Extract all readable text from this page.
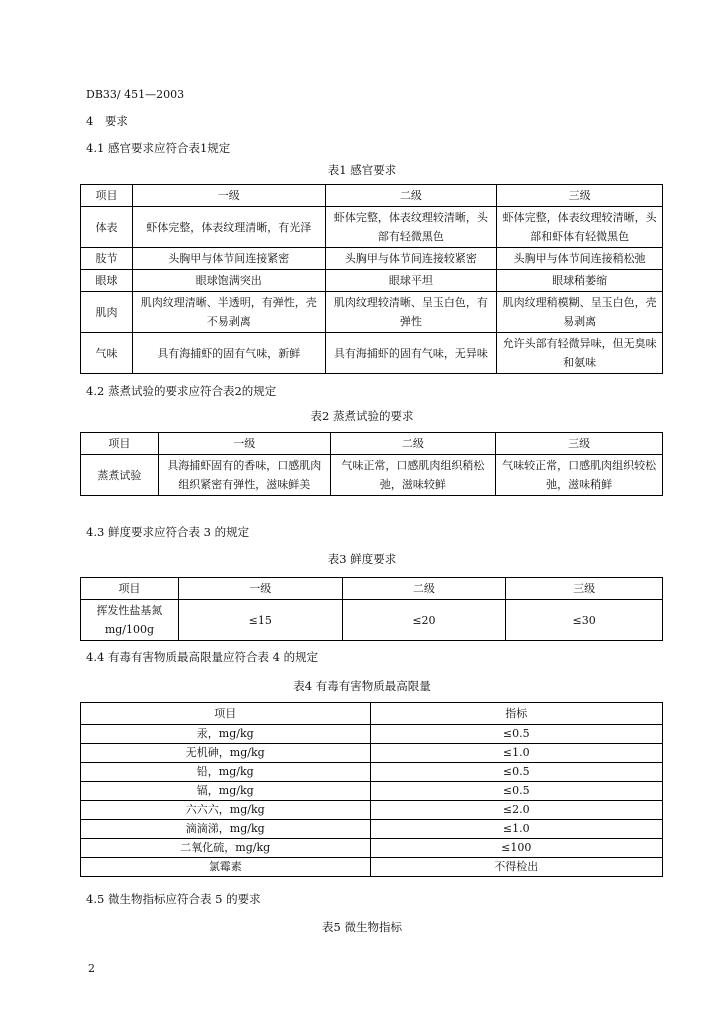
DB33/ 451—2003
4　要求
4.1 感官要求应符合表1规定
表1 感官要求
项目	一级	二级	三级
体表	虾体完整，体表纹理清晰，有光泽	虾体完整，体表纹理较清晰，头部有轻微黑色	虾体完整，体表纹理较清晰，头部和虾体有轻微黑色
肢节	头胸甲与体节间连接紧密	头胸甲与体节间连接较紧密	头胸甲与体节间连接稍松弛
眼球	眼球饱满突出	眼球平坦	眼球稍萎缩
肌肉	肌肉纹理清晰、半透明，有弹性，壳不易剥离	肌肉纹理较清晰、呈玉白色，有弹性	肌肉纹理稍模糊、呈玉白色，壳易剥离
气味	具有海捕虾的固有气味，新鲜	具有海捕虾的固有气味，无异味	允许头部有轻微异味，但无臭味和氨味
4.2 蒸煮试验的要求应符合表2的规定
表2 蒸煮试验的要求
项目	一级	二级	三级
蒸煮试验	具海捕虾固有的香味，口感肌肉组织紧密有弹性，滋味鲜美	气味正常，口感肌肉组织稍松弛，滋味较鲜	气味较正常，口感肌肉组织较松弛，滋味稍鲜
4.3 鲜度要求应符合表 3 的规定
表3 鲜度要求
项目	一级	二级	三级
挥发性盐基氮mg/100g	≤15	≤20	≤30
4.4 有毒有害物质最高限量应符合表 4 的规定
表4 有毒有害物质最高限量
项目	指标
汞，mg/kg	≤0.5
无机砷，mg/kg	≤1.0
铅，mg/kg	≤0.5
镉，mg/kg	≤0.5
六六六，mg/kg	≤2.0
滴滴涕，mg/kg	≤1.0
二氧化硫，mg/kg	≤100
氯霉素	不得检出
4.5 微生物指标应符合表 5 的要求
表5 微生物指标
2
